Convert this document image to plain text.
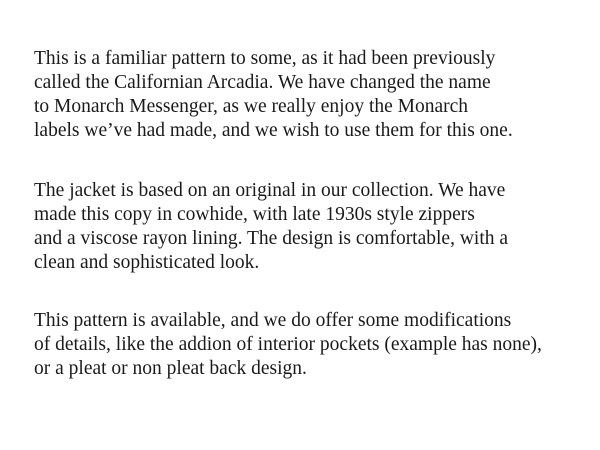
This is a familiar pattern to some, as it had been previously
called the Californian Arcadia. We have changed the name
to Monarch Messenger, as we really enjoy the Monarch
labels we’ve had made, and we wish to use them for this one.

The jacket is based on an original in our collection. We have
made this copy in cowhide, with late 1930s style zippers
and a viscose rayon lining. The design is comfortable, with a
clean and sophisticated look.

This pattern is available, and we do offer some modifications
of details, like the addion of interior pockets (example has none),
or a pleat or non pleat back design.
